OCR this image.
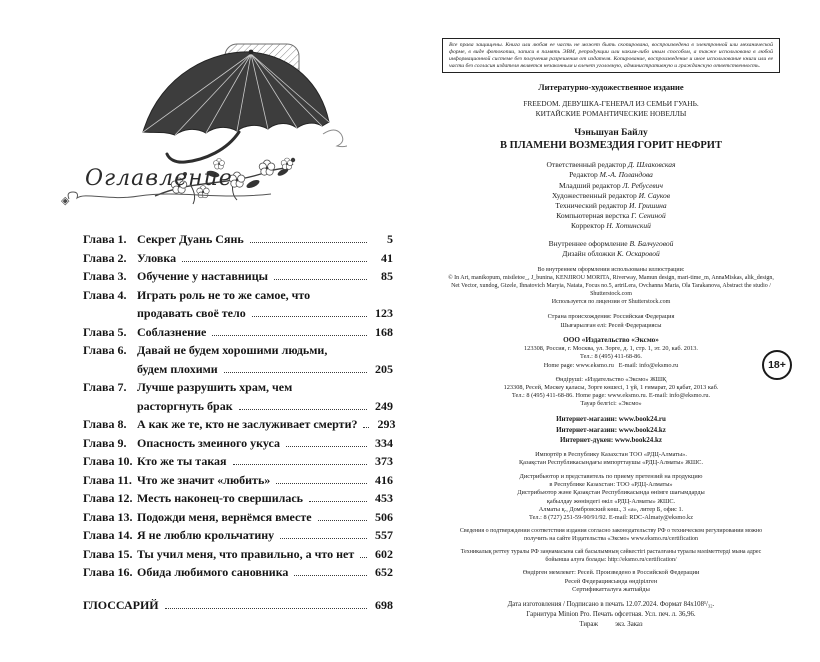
Оглавление
◈
Глава 1. Секрет Дуань Сянь	5
Глава 2. Уловка	41
Глава 3. Обучение у наставницы	85
Глава 4. Играть роль не то же самое, что
продавать своё тело	123
Глава 5. Соблазнение	168
Глава 6. Давай не будем хорошими людьми,
будем плохими	205
Глава 7. Лучше разрушить храм, чем
расторгнуть брак	249
Глава 8. А как же те, кто не заслуживает смерти?	293
Глава 9. Опасность змеиного укуса	334
Глава 10. Кто же ты такая	373
Глава 11. Что же значит «любить»	416
Глава 12. Месть наконец-то свершилась	453
Глава 13. Подожди меня, вернёмся вместе	506
Глава 14. Я не люблю крольчатину	557
Глава 15. Ты учил меня, что правильно, а что нет	602
Глава 16. Обида любимого сановника	652
ГЛОССАРИЙ	698
Все права защищены. Книга или любая ее часть не может быть скопирована, воспроизведена в электронной или механической форме, в виде фотокопии, записи в память ЭВМ, репродукции или каким-либо иным способом, а также использована в любой информационной системе без получения разрешения от издателя. Копирование, воспроизведение и иное использование книги или ее части без согласия издателя является незаконным и влечет уголовную, административную и гражданскую ответственность.
Литературно-художественное издание
FREEDOM. ДЕВУШКА-ГЕНЕРАЛ ИЗ СЕМЬИ ГУАНЬ.
КИТАЙСКИЕ РОМАНТИЧЕСКИЕ НОВЕЛЛЫ
Чэньшуан Байлу
В ПЛАМЕНИ ВОЗМЕЗДИЯ ГОРИТ НЕФРИТ
Ответственный редактор Д. Шлаковская
Редактор М.-А. Поландова
Младший редактор Л. Ребусевич
Художественный редактор И. Сауков
Технический редактор И. Гришина
Компьютерная верстка Г. Сениной
Корректор Н. Хотинский
Внутреннее оформление В. Балчуговой
Дизайн обложки К. Оскаровой
Во внутреннем оформлении использованы иллюстрации:
© In Art, manikopum, mistletoe_, J_bunina, KENJIROU MORITA, Riverway, Mamun design, mari-time_m, AnnaMiskas, alik_design, Net Vector, xundog, Gizele, Ihnatovich Maryia, Natata, Focus no.5, artriLera, Ovchanna Maria, Ola Tarakanova, Abstract the studio / Shutterstock.com
Используется по лицензии от Shutterstock.com
Страна происхождения: Российская Федерация
Шығарылған елі: Ресей Федерациясы
ООО «Издательство «Эксмо»
123308, Россия, г. Москва, ул. Зорге, д. 1, стр. 1, эт. 20, каб. 2013.
Тел.: 8 (495) 411-68-86.
Home page: www.eksmo.ru   E-mail: info@eksmo.ru
Өндіруші: «Издательство «Эксмо» ЖШҚ
123308, Ресей, Мәскеу қаласы, Зорге көшесі, 1 үй, 1 ғимарат, 20 қабат, 2013 каб.
Тел.: 8 (495) 411-68-86. Home page: www.eksmo.ru. E-mail: info@eksmo.ru.
Тауар белгісі: «Эксмо»
Интернет-магазин: www.book24.ru
Интернет-магазин: www.book24.kz
Интернет-дүкен: www.book24.kz
Импортёр в Республику Казахстан ТОО «РДЦ-Алматы».
Қазақстан Республикасындағы импорттаушы «РДЦ-Алматы» ЖШС.
Дистрибьютор и представитель по приему претензий на продукцию
в Республике Казахстан: ТОО «РДЦ-Алматы»
Дистрибьютор және Қазақстан Республикасында өнімге шағымдарды
қабылдау жөніндегі өкіл «РДЦ-Алматы» ЖШС.
Алматы қ., Домбровский көш., 3 «а», литер Б, офис 1.
Тел.: 8 (727) 251-59-90/91/92. E-mail: RDC-Almaty@eksmo.kz
Сведения о подтверждении соответствия издания согласно законодательству РФ о техническом регулировании можно получить на сайте Издательства «Эксмо» www.eksmo.ru/certification
Техникалық реттеу туралы РФ заңнамасына сай басылымның сәйкестігі расталғаны туралы мәліметтерді мына адрес бойынша алуға болады: http://eksmo.ru/certification/
Өндірген мемлекет: Ресей. Произведено в Российской Федерации
Ресей Федерациясында өндірілген
Сертификатталуға жатпайды
Дата изготовления / Подписано в печать 12.07.2024. Формат 84x108¹/₃₂.
Гарнитура Minion Pro. Печать офсетная. Усл. печ. л. 36,96.
Тираж          экз. Заказ
18+
